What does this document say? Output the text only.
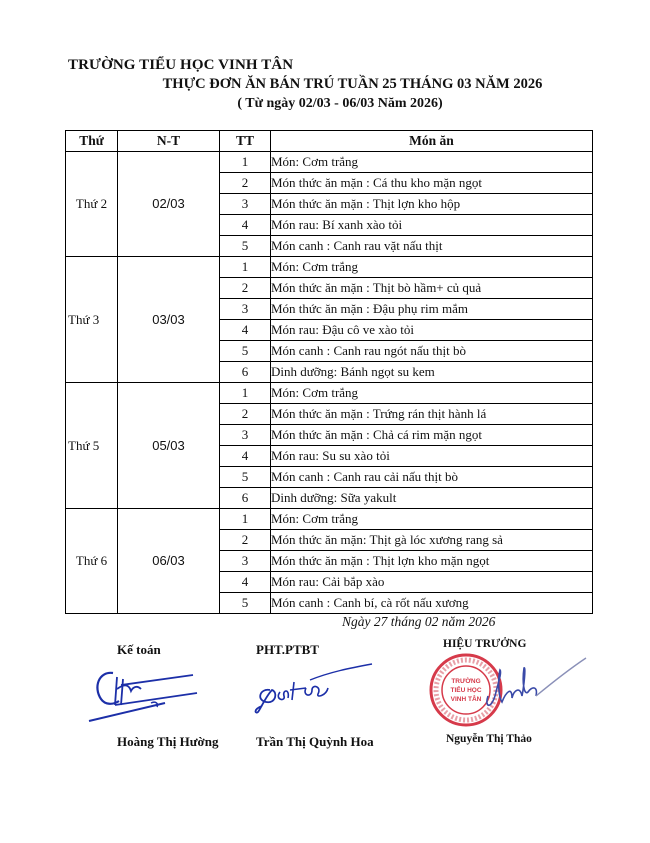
TRƯỜNG TIỂU HỌC VINH TÂN
THỰC ĐƠN ĂN BÁN TRÚ TUẦN 25 THÁNG 03 NĂM 2026
( Từ ngày 02/03 - 06/03 Năm 2026)
Thứ	N-T	TT	Món ăn
Thứ 2	02/03	1	Món: Cơm trắng
		2	Món thức ăn mặn : Cá thu kho mặn ngọt
		3	Món thức ăn mặn : Thịt lợn kho hộp
		4	Món rau: Bí xanh xào tỏi
		5	Món canh : Canh rau vặt nấu thịt
Thứ 3	03/03	1	Món: Cơm trắng
		2	Món thức ăn mặn : Thịt bò hầm+ củ quả
		3	Món thức ăn mặn : Đậu phụ rim mắm
		4	Món rau: Đậu cô ve xào tỏi
		5	Món canh : Canh rau ngót nấu thịt bò
		6	Dinh dưỡng: Bánh ngọt su kem
Thứ 5	05/03	1	Món: Cơm trắng
		2	Món thức ăn mặn : Trứng rán thịt hành lá
		3	Món thức ăn mặn : Chả cá rim mặn ngọt
		4	Món rau: Su su xào tỏi
		5	Món canh : Canh rau cải nấu thịt bò
		6	Dinh dưỡng: Sữa yakult
Thứ 6	06/03	1	Món: Cơm trắng
		2	Món thức ăn mặn: Thịt gà lóc xương rang sả
		3	Món thức ăn mặn : Thịt lợn kho mặn ngọt
		4	Món rau: Cải bắp xào
		5	Món canh : Canh bí, cà rốt nấu xương
Ngày 27 tháng 02 năm 2026
Kế toán
Hoàng Thị Hường
PHT.PTBT
Trần Thị Quỳnh Hoa
HIỆU TRƯỞNG
TRƯỜNG
TIỂU HỌC
VINH TÂN
Nguyễn Thị Thảo
